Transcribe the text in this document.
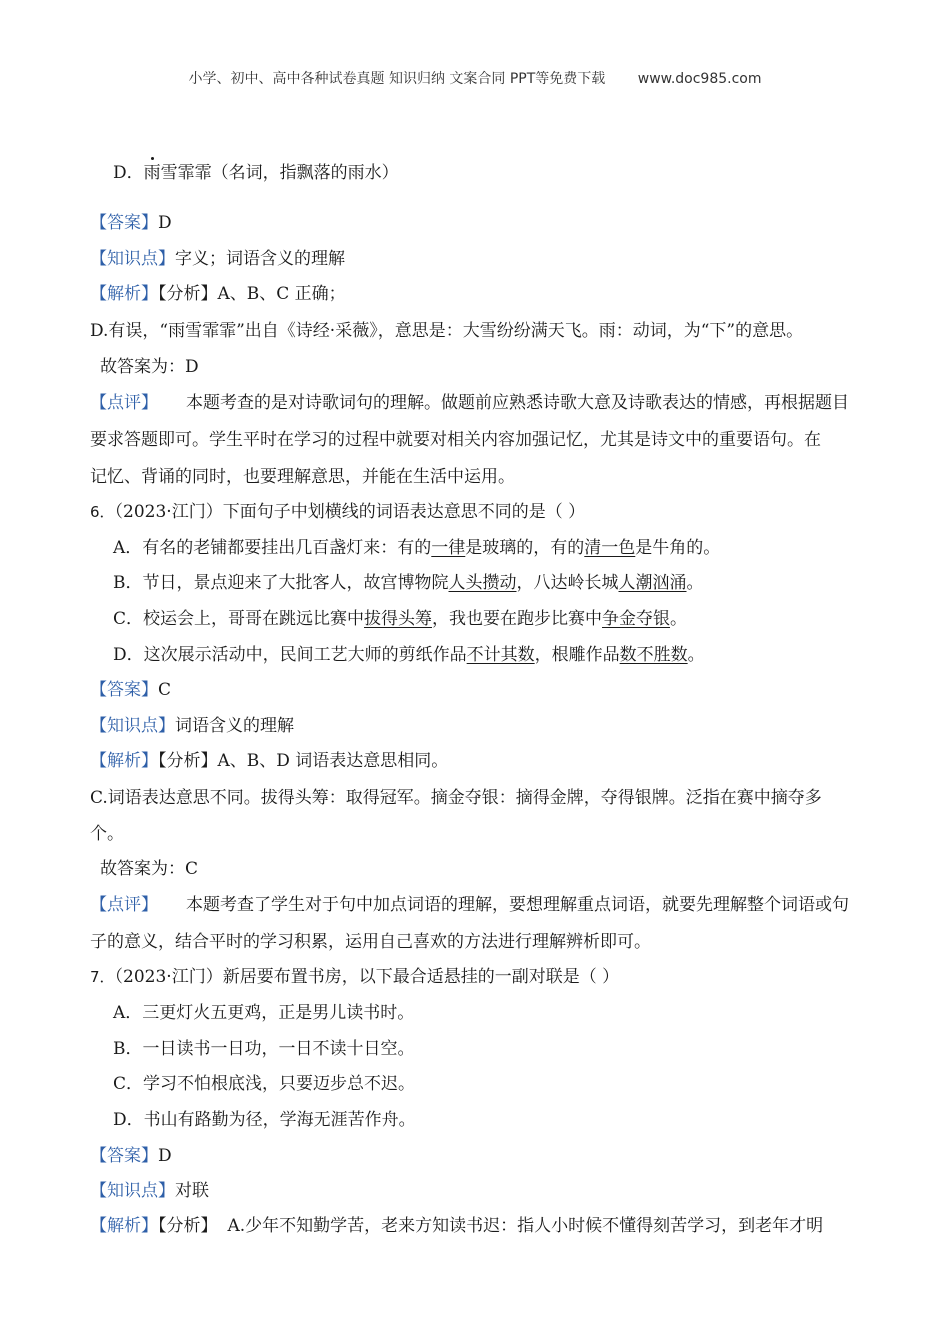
小学、初中、高中各种试卷真题 知识归纳 文案合同 PPT等免费下载 www.doc985.com
D．雨雪霏霏（名词，指飘落的雨水）
【答案】D
【知识点】字义；词语含义的理解
【解析】【分析】A、B、C 正确；
D.有误，“雨雪霏霏”出自《诗经·采薇》，意思是：大雪纷纷满天飞。雨：动词，为“下”的意思。
故答案为：D
【点评】 本题考查的是对诗歌词句的理解。做题前应熟悉诗歌大意及诗歌表达的情感，再根据题目
要求答题即可。学生平时在学习的过程中就要对相关内容加强记忆，尤其是诗文中的重要语句。在
记忆、背诵的同时，也要理解意思，并能在生活中运用。
6．（2023·江门）下面句子中划横线的词语表达意思不同的是（ ）
A．有名的老铺都要挂出几百盏灯来：有的一律是玻璃的，有的清一色是牛角的。
B．节日，景点迎来了大批客人，故宫博物院人头攒动，八达岭长城人潮汹涌。
C．校运会上，哥哥在跳远比赛中拔得头筹，我也要在跑步比赛中争金夺银。
D．这次展示活动中，民间工艺大师的剪纸作品不计其数，根雕作品数不胜数。
【答案】C
【知识点】词语含义的理解
【解析】【分析】A、B、D 词语表达意思相同。
C.词语表达意思不同。拔得头筹：取得冠军。摘金夺银：摘得金牌，夺得银牌。泛指在赛中摘夺多
个。
故答案为：C
【点评】 本题考查了学生对于句中加点词语的理解，要想理解重点词语，就要先理解整个词语或句
子的意义，结合平时的学习积累，运用自己喜欢的方法进行理解辨析即可。
7．（2023·江门）新居要布置书房，以下最合适悬挂的一副对联是（ ）
A．三更灯火五更鸡，正是男儿读书时。
B．一日读书一日功，一日不读十日空。
C．学习不怕根底浅，只要迈步总不迟。
D．书山有路勤为径，学海无涯苦作舟。
【答案】D
【知识点】对联
【解析】【分析】 A.少年不知勤学苦，老来方知读书迟：指人小时候不懂得刻苦学习，到老年才明
